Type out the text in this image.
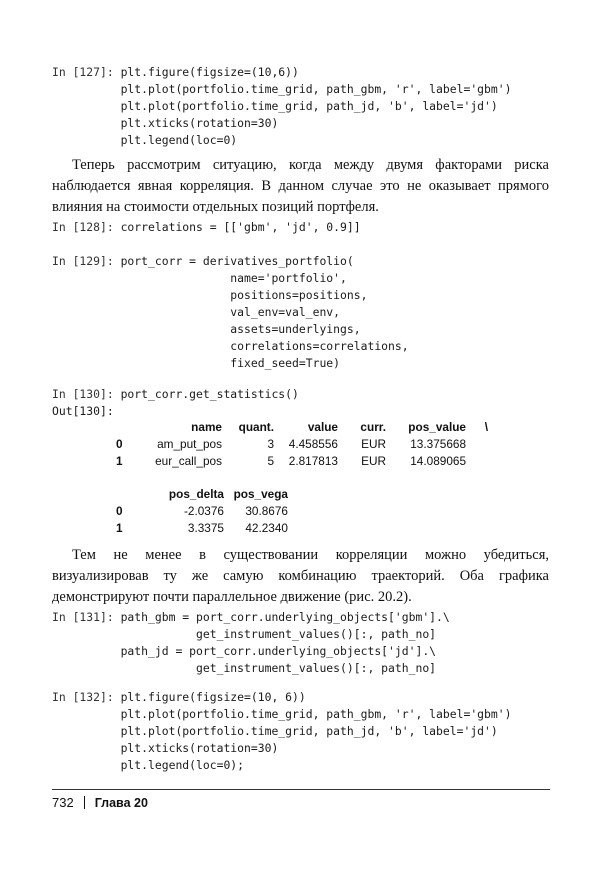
In [127]: plt.figure(figsize=(10,6))
plt.plot(portfolio.time_grid, path_gbm, 'r', label='gbm')
plt.plot(portfolio.time_grid, path_jd, 'b', label='jd')
plt.xticks(rotation=30)
plt.legend(loc=0)
Теперь рассмотрим ситуацию, когда между двумя факторами риска наблюдается явная корреляция. В данном случае это не оказывает прямого влияния на стоимости отдельных позиций портфеля.
In [128]: correlations = [['gbm', 'jd', 0.9]]
In [129]: port_corr = derivatives_portfolio(
name='portfolio',
positions=positions,
val_env=val_env,
assets=underlyings,
correlations=correlations,
fixed_seed=True)
In [130]: port_corr.get_statistics()
Out[130]:
	name	quant.	value	curr.	pos_value	\
0	am_put_pos	3	4.458556	EUR	13.375668	
1	eur_call_pos	5	2.817813	EUR	14.089065	
	pos_delta	pos_vega
0	-2.0376	30.8676
1	3.3375	42.2340
Тем не менее в существовании корреляции можно убедиться, визуализировав ту же самую комбинацию траекторий. Оба графика демонстрируют почти параллельное движение (рис. 20.2).
In [131]: path_gbm = port_corr.underlying_objects['gbm'].\
get_instrument_values()[:, path_no]
path_jd = port_corr.underlying_objects['jd'].\
get_instrument_values()[:, path_no]
In [132]: plt.figure(figsize=(10, 6))
plt.plot(portfolio.time_grid, path_gbm, 'r', label='gbm')
plt.plot(portfolio.time_grid, path_jd, 'b', label='jd')
plt.xticks(rotation=30)
plt.legend(loc=0);
732 Глава 20
